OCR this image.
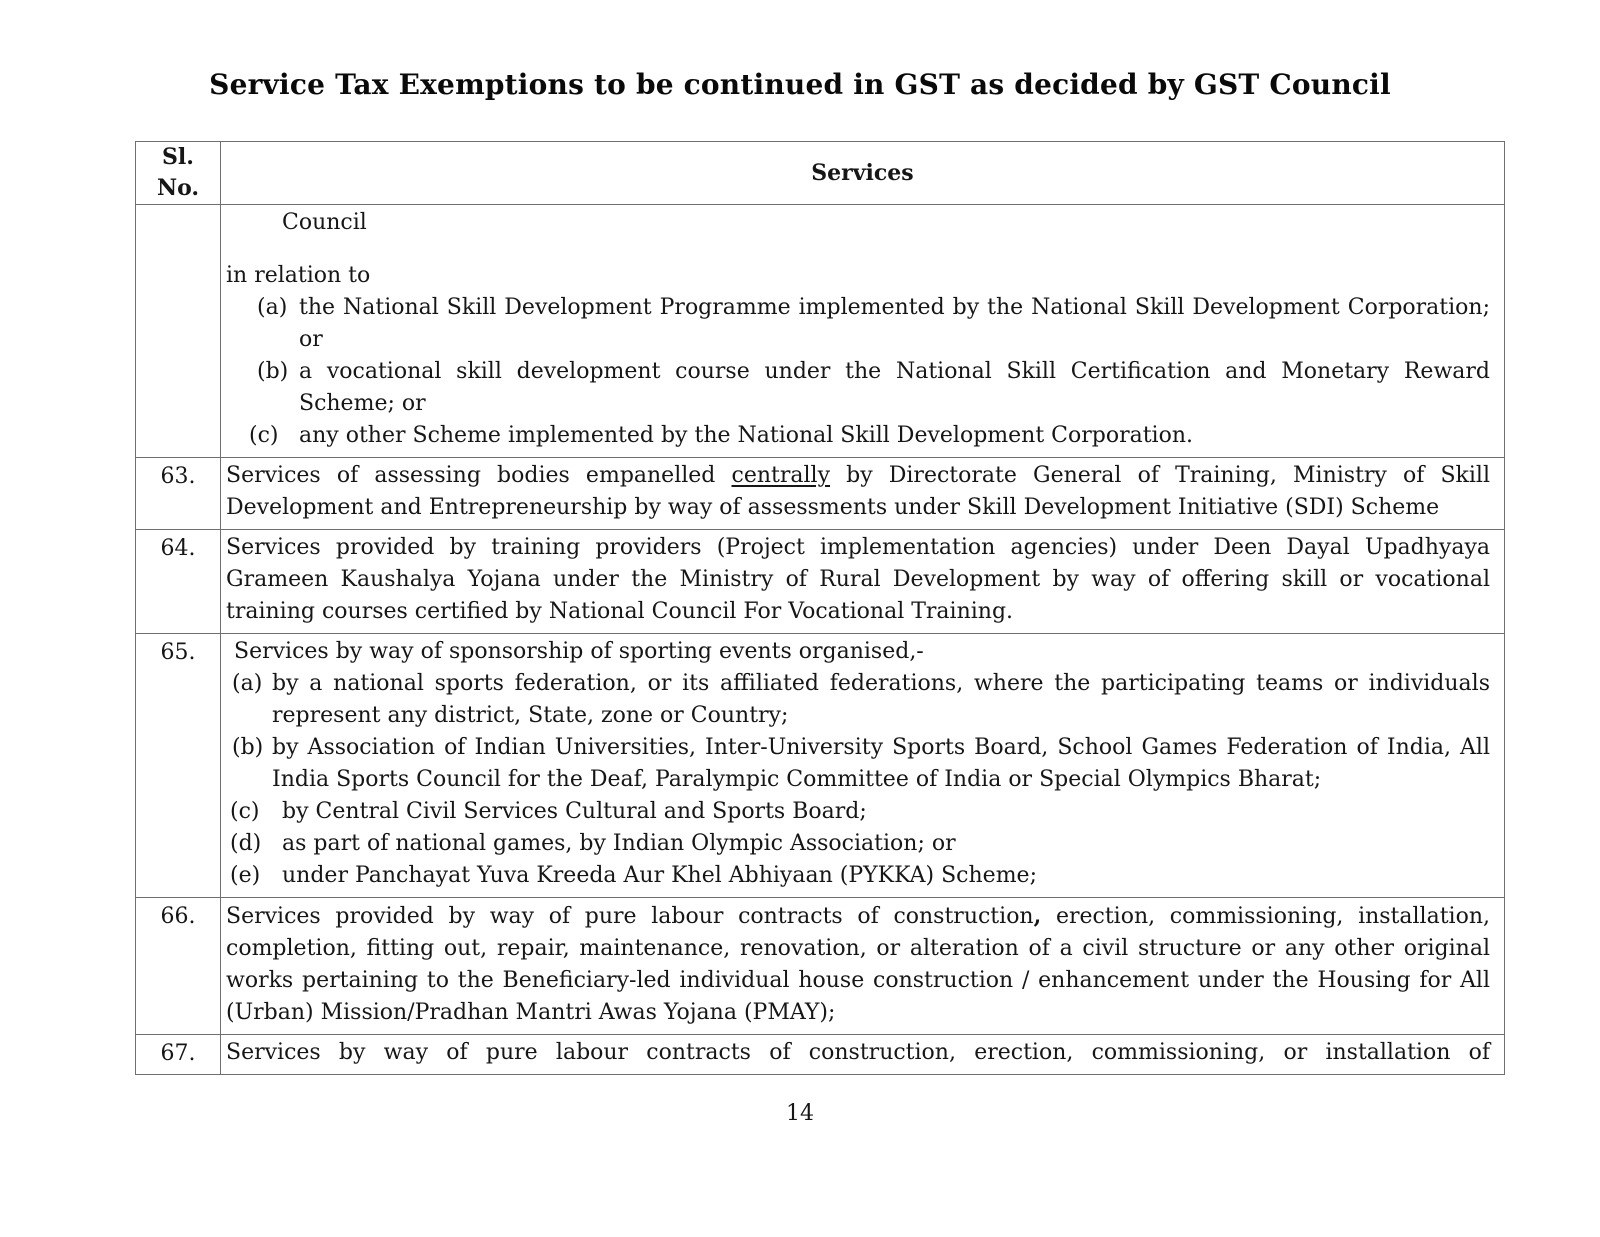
Service Tax Exemptions to be continued in GST as decided by GST Council
Sl.
No.	Services

	Council
in relation to
(a) the National Skill Development Programme implemented by the National Skill Development Corporation; or
(b) a vocational skill development course under the National Skill Certification and Monetary Reward Scheme; or
(c) any other Scheme implemented by the National Skill Development Corporation.

63.	Services of assessing bodies empanelled centrally by Directorate General of Training, Ministry of Skill Development and Entrepreneurship by way of assessments under Skill Development Initiative (SDI) Scheme

64.	Services provided by training providers (Project implementation agencies) under Deen Dayal Upadhyaya Grameen Kaushalya Yojana under the Ministry of Rural Development by way of offering skill or vocational training courses certified by National Council For Vocational Training.

65.	Services by way of sponsorship of sporting events organised,-
(a) by a national sports federation, or its affiliated federations, where the participating teams or individuals represent any district, State, zone or Country;
(b) by Association of Indian Universities, Inter-University Sports Board, School Games Federation of India, All India Sports Council for the Deaf, Paralympic Committee of India or Special Olympics Bharat;
(c) by Central Civil Services Cultural and Sports Board;
(d) as part of national games, by Indian Olympic Association; or
(e) under Panchayat Yuva Kreeda Aur Khel Abhiyaan (PYKKA) Scheme;

66.	Services provided by way of pure labour contracts of construction, erection, commissioning, installation, completion, fitting out, repair, maintenance, renovation, or alteration of a civil structure or any other original works pertaining to the Beneficiary-led individual house construction / enhancement under the Housing for All (Urban) Mission/Pradhan Mantri Awas Yojana (PMAY);

67.	Services by way of pure labour contracts of construction, erection, commissioning, or installation of
14
